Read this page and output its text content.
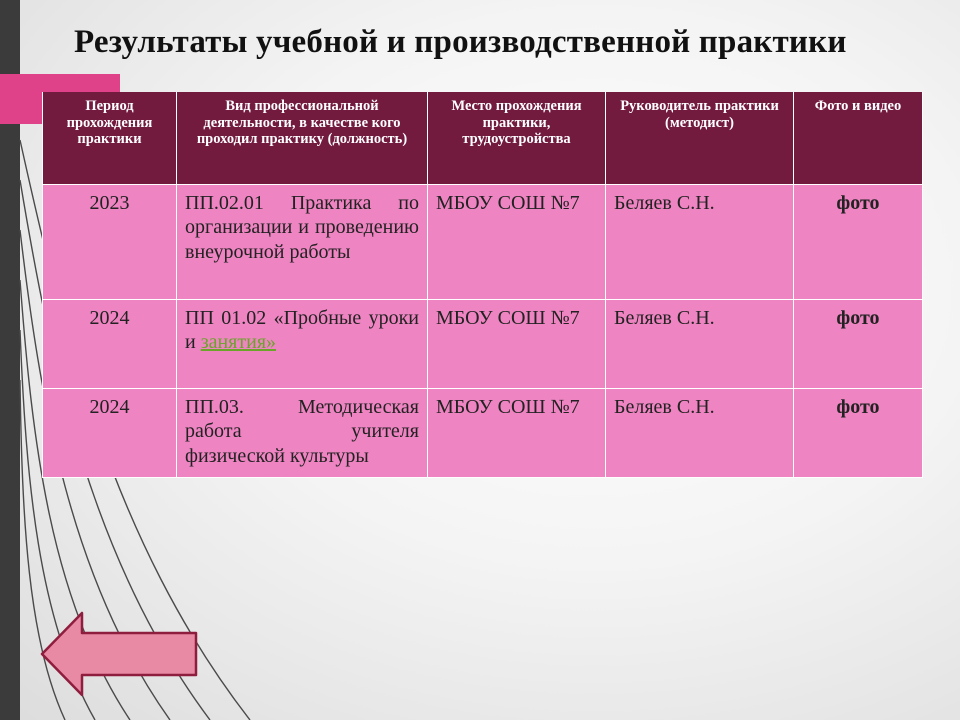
Результаты учебной и производственной практики
Период прохождения практики	Вид профессиональной деятельности, в качестве кого проходил практику (должность)	Место прохождения практики, трудоустройства	Руководитель практики (методист)	Фото и видео
2023	ПП.02.01 Практика по организации и проведению внеурочной работы	МБОУ СОШ №7	Беляев С.Н.	фото
2024	ПП 01.02 «Пробные уроки и занятия»	МБОУ СОШ №7	Беляев С.Н.	фото
2024	ПП.03. Методическая работа учителя физической культуры	МБОУ СОШ №7	Беляев С.Н.	фото
